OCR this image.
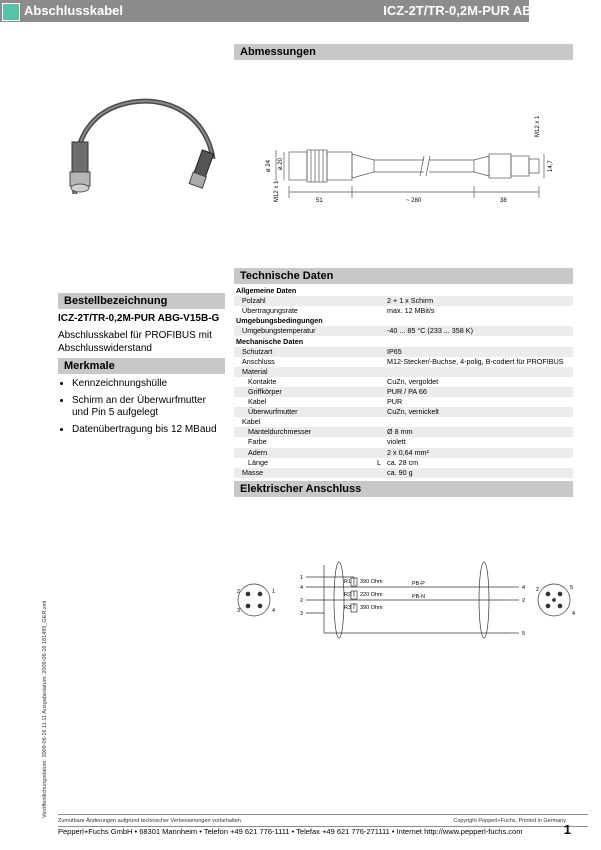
Abschlusskabel	ICZ-2T/TR-0,2M-PUR ABG-V15B-G
Abmessungen
ø 24 ø 20
M12 x 1
M12 x 1
14,7
51	~ 280	38
Technische Daten
Allgemeine Daten		
Polzahl		2 + 1 x Schirm
Übertragungsrate		max. 12 MBit/s
Umgebungsbedingungen		
Umgebungstemperatur		-40 ... 85 °C (233 ... 358 K)
Mechanische Daten		
Schutzart		IP65
Anschluss		M12-Stecker/-Buchse, 4-polig, B-codiert für PROFIBUS
Material		
Kontakte		CuZn, vergoldet
Griffkörper		PUR / PA 66
Kabel		PUR
Überwurfmutter		CuZn, vernickelt
Kabel		
Manteldurchmesser		Ø 8 mm
Farbe		violett
Adern		2 x 0,64 mm²
Länge	L	ca. 28 cm
Masse		ca. 90 g
Bestellbezeichnung
ICZ-2T/TR-0,2M-PUR ABG-V15B-G
Abschlusskabel für PROFIBUS mit Abschlusswiderstand
Merkmale
• Kennzeichnungshülle
• Schirm an der Überwurfmutter und Pin 5 aufgelegt
• Datenübertragung bis 12 MBaud
Elektrischer Anschluss
R1
R2
R3
390 Ohm
220 Ohm
390 Ohm
PB-P
PB-N
1
4
2
3
2	1
3	4
4
2
5
2	5
4
Veröffentlichungsdatum: 2009-06-16 11:11 Ausgabedatum: 2009-06-16 181499_GER.xml
Zumutbare Änderungen aufgrund technischer Verbesserungen vorbehalten.	Copyright Pepperl+Fuchs, Printed in Germany
Pepperl+Fuchs GmbH • 68301 Mannheim • Telefon +49 621 776-1111 • Telefax +49 621 776-271111 • Internet http://www.pepperl-fuchs.com	1
